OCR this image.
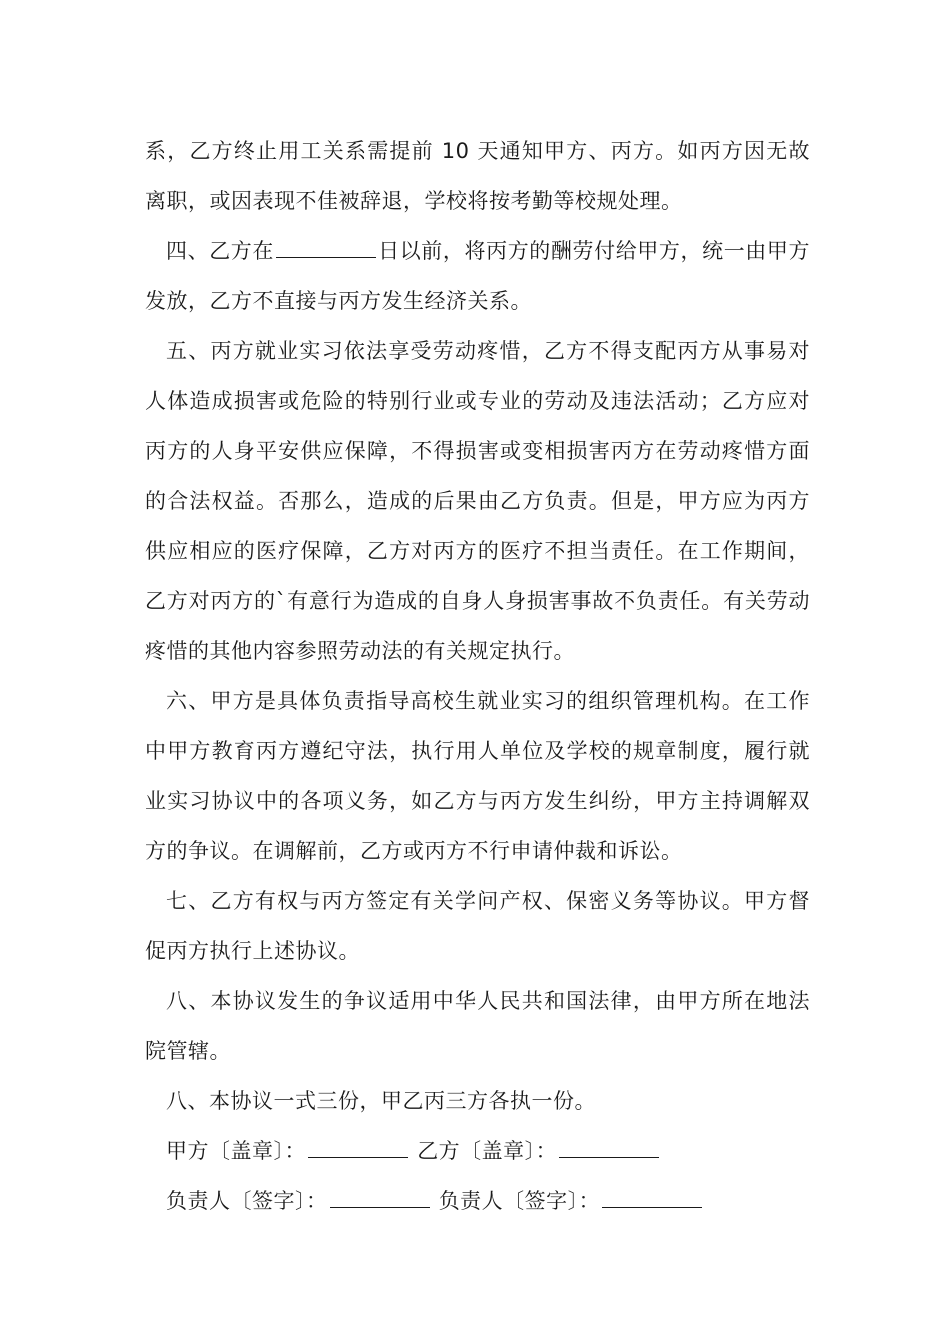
系，乙方终止用工关系需提前 10 天通知甲方、丙方。如丙方因无故离职，或因表现不佳被辞退，学校将按考勤等校规处理。

四、乙方在	日以前，将丙方的酬劳付给甲方，统一由甲方发放，乙方不直接与丙方发生经济关系。

五、丙方就业实习依法享受劳动疼惜，乙方不得支配丙方从事易对人体造成损害或危险的特别行业或专业的劳动及违法活动；乙方应对丙方的人身平安供应保障，不得损害或变相损害丙方在劳动疼惜方面的合法权益。否那么，造成的后果由乙方负责。但是，甲方应为丙方供应相应的医疗保障，乙方对丙方的医疗不担当责任。在工作期间，乙方对丙方的`有意行为造成的自身人身损害事故不负责任。有关劳动疼惜的其他内容参照劳动法的有关规定执行。

六、甲方是具体负责指导高校生就业实习的组织管理机构。在工作中甲方教育丙方遵纪守法，执行用人单位及学校的规章制度，履行就业实习协议中的各项义务，如乙方与丙方发生纠纷，甲方主持调解双方的争议。在调解前，乙方或丙方不行申请仲裁和诉讼。

七、乙方有权与丙方签定有关学问产权、保密义务等协议。甲方督促丙方执行上述协议。

八、本协议发生的争议适用中华人民共和国法律，由甲方所在地法院管辖。

八、本协议一式三份，甲乙丙三方各执一份。

甲方〔盖章〕：	乙方〔盖章〕：
负责人〔签字〕：	负责人〔签字〕：
